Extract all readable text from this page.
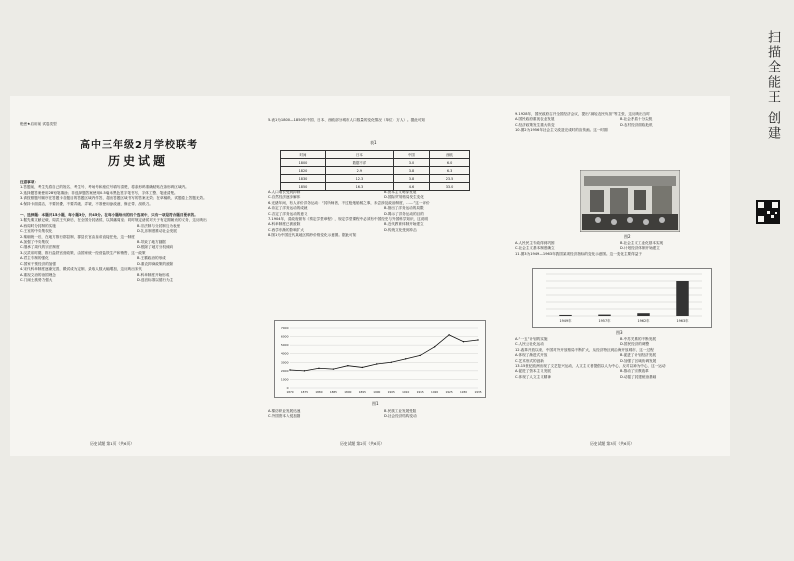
绝密★启用前 试卷类型
高中三年级2月学校联考
历史试题
注意事项：
1.答题前，考生先将自己的姓名、考生号、考场号和座位号填写清楚，将条形码准确粘贴在条形码区域内。
2.选择题答案使用2B铅笔填涂；非选择题答案使用0.5毫米黑色签字笔书写，字体工整、笔迹清楚。
3.请按照题号顺序在答题卡各题目的答题区域内作答，超出答题区域书写的答案无效；在草稿纸、试题卷上答题无效。
4.保持卡面清洁，不要折叠，不要弄破、弄皱，不准使用涂改液、修正带、刮纸刀。
一、选择题：本题共15小题，每小题3分，共45分。在每小题给出的四个选项中，只有一项是符合题目要求的。
1.据先秦文献记载，周武王灭商后，在全国分封诸侯，以屏藩周室；同时规定诸侯对天子有定期朝贡的义务，这反映出
A.西周时分封制的实施	B.宗法制与分封制互为表里
C.王室的中央集权化	D.礼乐制度推动社会发展
2.秦朝统一后，在地方推行郡县制，郡县长官由皇帝直接任免，这一制度
A.加强了中央集权	B.导致了地方割据
C.继承了周代的宗法制度	D.根除了地方分权倾向
3.汉武帝时期，推行盐铁官营政策，由国家统一经营盐铁生产和销售，这一政策
A.君主专制的强化	B.王霸政治的形成
C.国家干预经济的加强	D.重农抑商政策的废除
4.宋代科举制度逐渐完善，殿试成为定制，录取人数大幅增加，这反映出宋代
A.重视文治的治国理念	B.科举制度开始形成
C.门阀士族势力强大	D.选官标准以德行为主
历史试题 第1页（共6页）
5.表1为1800—1850年中国、日本、西欧部分城市人口数量的变化情况（单位：万人）。据此可知
表1
时间	日本	中国	西欧
1800	数据不详	3.0	6.0
1820	2.9	3.8	6.3
1830	12.3	3.8	23.5
1850	16.3	4.6	33.0
A.人口增长受到抑制	B.资本主义萌芽发展
C.自然经济逐步解体	D.国际贸易格局发生变化
6.光绪年间，有人评价洋务运动：“其所师者，不过枪炮船械之事，未尝涉及政治制度，……”这一评价
A.肯定了洋务运动的成就	B.指出了洋务运动的局限
C.否定了洋务运动的意义	D.揭示了洋务运动的目的
7.1904年，清政府颁布《奏定学堂章程》，规定学堂课程中必须有中国经史与外国科学知识，这说明
A.科举制度已被废除	B.近代教育体制开始建立
C.西学东渐的影响扩大	D.传统文化受到冲击
8.图1为中国近代某地区棉纱价格变化示意图。据此可知
1870	1875	1880	1885	1890	1895	1900	1905	1910	1915	1920	1925	1930	1935
0
1000
2000
3000
4000
5000
6000
7000
图1
A.棉纺织业发展迅速	B.民族工业发展受阻
C.外国资本入侵加剧	D.社会经济结构变动
历史试题 第2页（共6页）
9.1928年，国民政府召开全国经济会议，提出“减轻农民负担”等主张，这反映出当时
A.国民政府重视农业发展	B.社会矛盾十分尖锐
C.经济政策发生重大转变	D.农村经济面临危机
10.图2为1956年社会主义改造完成时的宣传画。这一时期
图2
A.人民民主专政得到巩固	B.社会主义工业化基本实现
C.社会主义基本制度确立	D.计划经济体制开始建立
11.图3为1949—1963年我国某项经济指标的变化示意图。这一变化主要得益于
1949年	1957年	1962年	1963年
图3
A.“一五”计划的实施	B.中苏关系的不断发展
C.人民公社化运动	D.国民经济的调整
12.改革开放以来，中国对外开放格局不断扩大，从经济特区到沿海开放城市，这一过程
A.体现了渐进式开放	B.促进了计划经济发展
C.艺术形式的创新	D.加强了区域协调发展
13.15世纪欧洲出现了文艺复兴运动，人文主义者提倡以人为中心，反对以神为中心，这一运动
A.促进了资本主义发展	B.推动了宗教改革
C.体现了人文主义精神	D.动摇了封建统治基础
历史试题 第3页（共6页）
扫描全能王 创建
